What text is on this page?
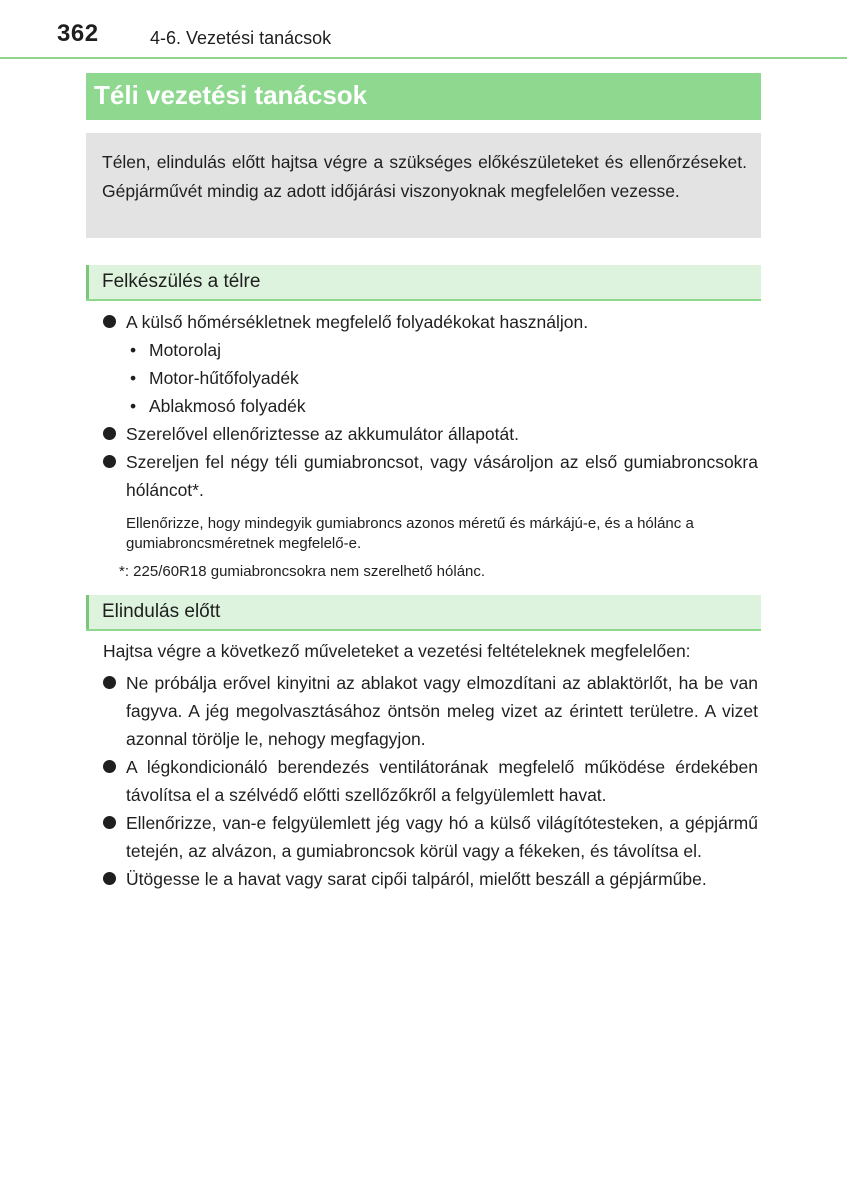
362	4-6. Vezetési tanácsok
Téli vezetési tanácsok
Télen, elindulás előtt hajtsa végre a szükséges előkészületeket és ellenőrzéseket. Gépjárművét mindig az adott időjárási viszonyoknak megfelelően vezesse.
Felkészülés a télre
A külső hőmérsékletnek megfelelő folyadékokat használjon.
• Motorolaj
• Motor-hűtőfolyadék
• Ablakmosó folyadék
Szerelővel ellenőriztesse az akkumulátor állapotát.
Szereljen fel négy téli gumiabroncsot, vagy vásároljon az első gumiabroncsokra hóláncot*.
Ellenőrizze, hogy mindegyik gumiabroncs azonos méretű és márkájú-e, és a hólánc a gumiabroncsméretnek megfelelő-e.
*: 225/60R18 gumiabroncsokra nem szerelhető hólánc.
Elindulás előtt
Hajtsa végre a következő műveleteket a vezetési feltételeknek megfelelően:
Ne próbálja erővel kinyitni az ablakot vagy elmozdítani az ablaktörlőt, ha be van fagyva. A jég megolvasztásához öntsön meleg vizet az érintett területre. A vizet azonnal törölje le, nehogy megfagyjon.
A légkondicionáló berendezés ventilátorának megfelelő működése érdekében távolítsa el a szélvédő előtti szellőzőkről a felgyülemlett havat.
Ellenőrizze, van-e felgyülemlett jég vagy hó a külső világítótesteken, a gépjármű tetején, az alvázon, a gumiabroncsok körül vagy a fékeken, és távolítsa el.
Ütögesse le a havat vagy sarat cipői talpáról, mielőtt beszáll a gépjárműbe.
